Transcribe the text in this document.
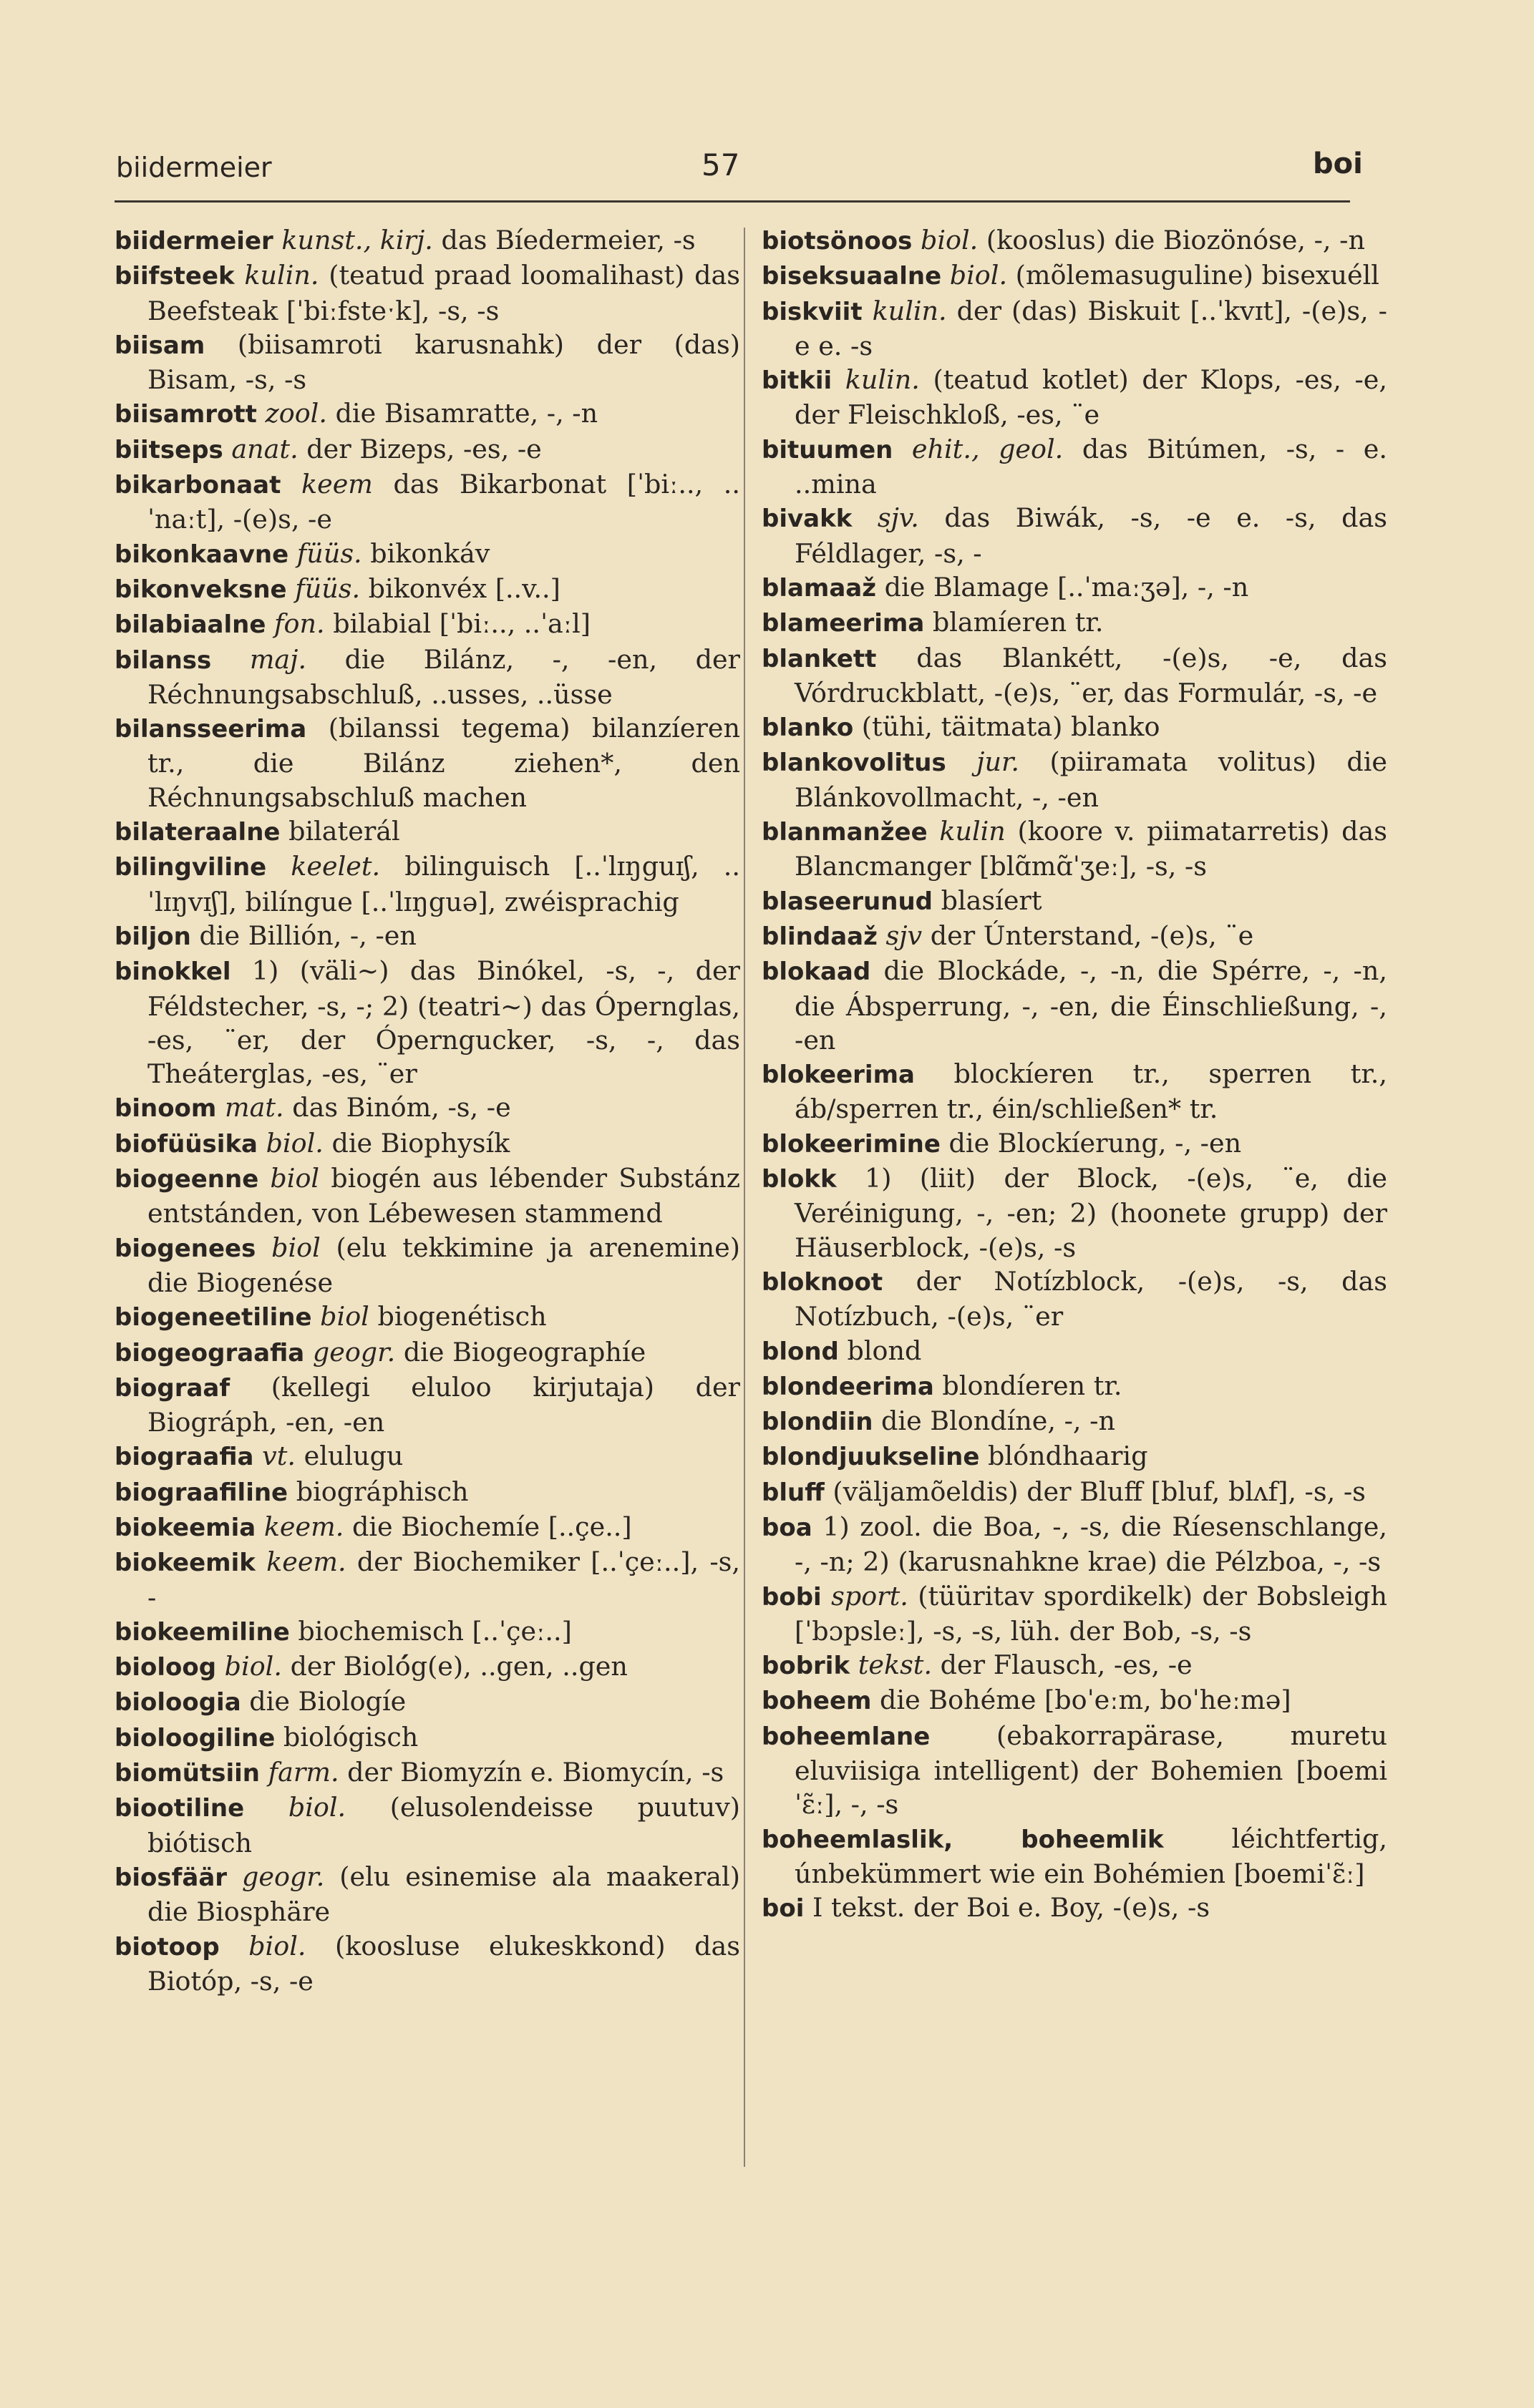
biidermeier	57	boi
biidermeier kunst., kirj. das Bíedermeier, -s
biifsteek kulin. (teatud praad loomalihast) das Beefsteak [ˈbiːfsteˑk], -s, -s
biisam (biisamroti karusnahk) der (das) Bisam, -s, -s
biisamrott zool. die Bisamratte, -, -n
biitseps anat. der Bizeps, -es, -e
bikarbonaat keem das Bikarbonat [ˈbiː.., ..ˈnaːt], -(e)s, -e
bikonkaavne füüs. bikonkáv
bikonveksne füüs. bikonvéx [..v..]
bilabiaalne fon. bilabial [ˈbiː.., ..ˈaːl]
bilanss maj. die Bilánz, -, -en, der Réchnungsabschluß, ..usses, ..üsse
bilansseerima (bilanssi tegema) bilanzíeren tr., die Bilánz ziehen*, den Réchnungsabschluß machen
bilateraalne bilaterál
bilingviline keelet. bilinguisch [..ˈlɪŋguɪʃ, ..ˈlɪŋvɪʃ], bilíngue [..ˈlɪŋguə], zwéisprachig
biljon die Billión, -, -en
binokkel 1) (väli~) das Binókel, -s, -, der Féldstecher, -s, -; 2) (teatri~) das Ópernglas, -es, ¨er, der Óperngucker, -s, -, das Theáterglas, -es, ¨er
binoom mat. das Binóm, -s, -e
biofüüsika biol. die Biophysík
biogeenne biol biogén aus lébender Substánz entstánden, von Lébewesen stammend
biogenees biol (elu tekkimine ja arenemine) die Biogenése
biogeneetiline biol biogenétisch
biogeograafia geogr. die Biogeographíe
biograaf (kellegi eluloo kirjutaja) der Biográph, -en, -en
biograafia vt. elulugu
biograafiline biográphisch
biokeemia keem. die Biochemíe [..çe..]
biokeemik keem. der Biochemiker [..ˈçeː..], -s, -
biokeemiline biochemisch [..ˈçeː..]
bioloog biol. der Bioló́g(e), ..gen, ..gen
bioloogia die Biologíe
bioloogiline biológisch
biomütsiin farm. der Biomyzín e. Biomycín, -s
biootiline biol. (elusolendeisse puutuv) biótisch
biosfäär geogr. (elu esinemise ala maakeral) die Biosphäre
biotoop biol. (koosluse elukeskkond) das Biotóp, -s, -e
biotsönoos biol. (kooslus) die Biozönóse, -, -n
biseksuaalne biol. (mõlemasuguline) bisexuéll
biskviit kulin. der (das) Biskuit [..ˈkvɪt], -(e)s, -e e. -s
bitkii kulin. (teatud kotlet) der Klops, -es, -e, der Fleischkloß, -es, ¨e
bituumen ehit., geol. das Bitúmen, -s, - e. ..mina
bivakk sjv. das Biwák, -s, -e e. -s, das Féldlager, -s, -
blamaaž die Blamage [..ˈmaːʒə], -, -n
blameerima blamíeren tr.
blankett das Blankétt, -(e)s, -e, das Vórdruckblatt, -(e)s, ¨er, das Formulár, -s, -e
blanko (tühi, täitmata) blanko
blankovolitus jur. (piiramata volitus) die Blánkovollmacht, -, -en
blanmanžee kulin (koore v. piimatarretis) das Blancmanger [blɑ̃mɑ̃ˈʒeː], -s, -s
blaseerunud blasíert
blindaaž sjv der Únterstand, -(e)s, ¨e
blokaad die Blockáde, -, -n, die Spérre, -, -n, die Ábsperrung, -, -en, die Éinschließung, -, -en
blokeerima blockíeren tr., sperren tr., áb/sperren tr., éin/schließen* tr.
blokeerimine die Blockíerung, -, -en
blokk 1) (liit) der Block, -(e)s, ¨e, die Veréinigung, -, -en; 2) (hoonete grupp) der Häuserblock, -(e)s, -s
bloknoot der Notízblock, -(e)s, -s, das Notízbuch, -(e)s, ¨er
blond blond
blondeerima blondíeren tr.
blondiin die Blondíne, -, -n
blondjuukseline blóndhaarig
bluff (väljamõeldis) der Bluff [bluf, blʌf], -s, -s
boa 1) zool. die Boa, -, -s, die Ríesenschlange, -, -n; 2) (karusnahkne krae) die Pélzboa, -, -s
bobi sport. (tüüritav spordikelk) der Bobsleigh [ˈbɔpsleː], -s, -s, lüh. der Bob, -s, -s
bobrik tekst. der Flausch, -es, -e
boheem die Bohéme [boˈeːm, boˈheːmə]
boheemlane (ebakorrapärase, muretu eluviisiga intelligent) der Bohemien [boemiˈɛ̃ː], -, -s
boheemlaslik, boheemlik léichtfertig, únbekümmert wie ein Bohémien [boemiˈɛ̃ː]
boi I tekst. der Boi e. Boy, -(e)s, -s
